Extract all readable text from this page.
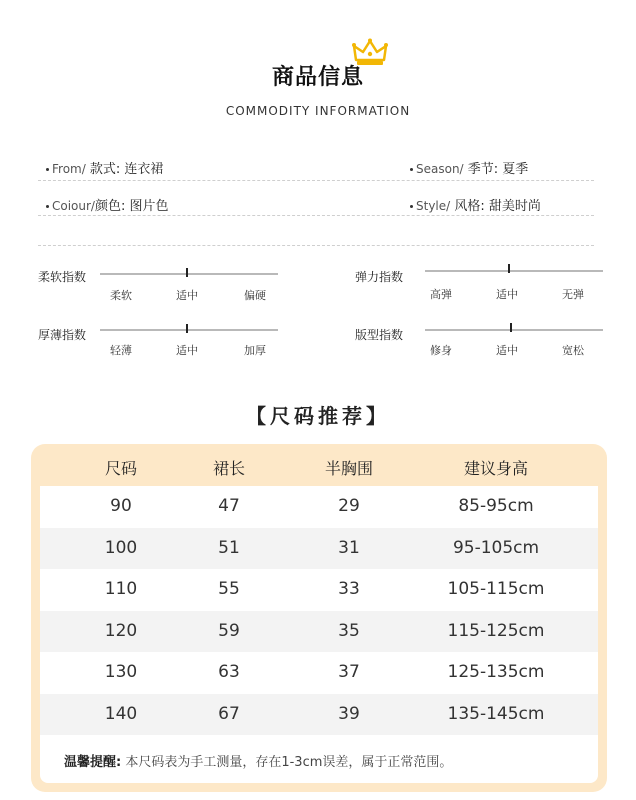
商品信息
COMMODITY INFORMATION
From/ 款式: 连衣裙	Season/ 季节: 夏季
Coiour/颜色: 图片色	Style/ 风格: 甜美时尚
柔软指数
柔软	适中	偏硬
弹力指数
高弹	适中	无弹
厚薄指数
轻薄	适中	加厚
版型指数
修身	适中	宽松
【尺码推荐】
尺码	裙长	半胸围	建议身高
90	47	29	85-95cm
100	51	31	95-105cm
110	55	33	105-115cm
120	59	35	115-125cm
130	63	37	125-135cm
140	67	39	135-145cm
温馨提醒: 本尺码表为手工测量，存在1-3cm误差，属于正常范围。
